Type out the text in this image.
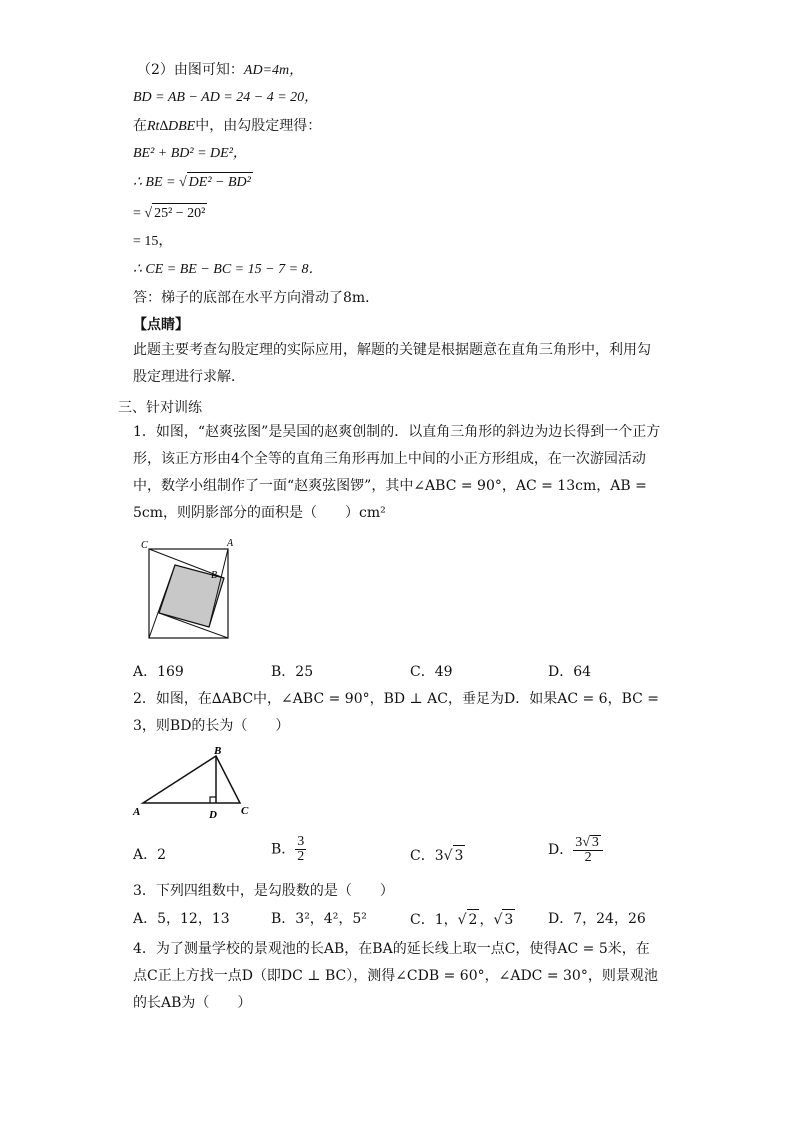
（2）由图可知：AD=4m，
BD = AB − AD = 24 − 4 = 20，
在Rt∆DBE中，由勾股定理得：
BE² + BD² = DE²，
∴ BE = √ DE² − BD²
= √ 25² − 20²
= 15，
∴ CE = BE − BC = 15 − 7 = 8．
答：梯子的底部在水平方向滑动了8m．
【点睛】
此题主要考查勾股定理的实际应用，解题的关键是根据题意在直角三角形中，利用勾股定理进行求解．
三、针对训练
1．如图，“赵爽弦图”是吴国的赵爽创制的．以直角三角形的斜边为边长得到一个正方形，该正方形由4个全等的直角三角形再加上中间的小正方形组成，在一次游园活动中，数学小组制作了一面“赵爽弦图锣”，其中∠ABC = 90°，AC = 13cm，AB = 5cm，则阴影部分的面积是（　　）cm²
C	A
B
A．169	B．25	C．49	D．64
2．如图，在∆ABC中，∠ABC = 90°，BD ⊥ AC，垂足为D．如果AC = 6，BC = 3，则BD的长为（　　）
B
A	D C
A．2	B． $\frac{3}{2}$	C．3√ 3	D． $\frac{3√ 3}{2}$
3．下列四组数中，是勾股数的是（　　）
A．5，12，13	B．3²，4²，5²	C．1，√ 2 ，√ 3 D．7，24，26
4．为了测量学校的景观池的长AB，在BA的延长线上取一点C，使得AC = 5米，在点C正上方找一点D（即DC ⊥ BC），测得∠CDB = 60°，∠ADC = 30°，则景观池的长AB为（　　）
